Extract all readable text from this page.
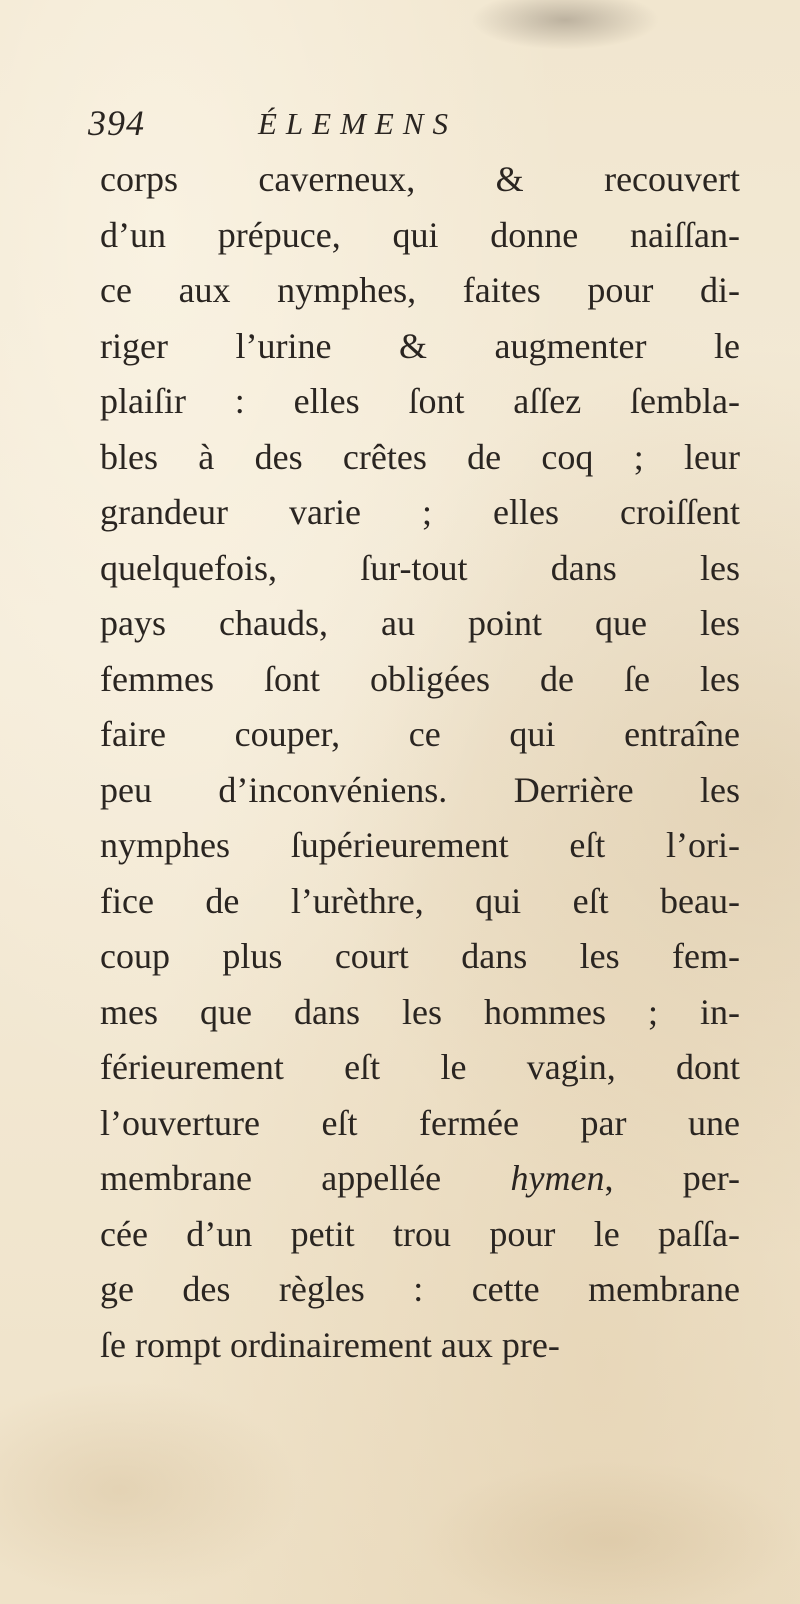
394	ÉLEMENS
corps caverneux, & recouvert
d’un prépuce, qui donne naiſſan-
ce aux nymphes, faites pour di-
riger l’urine & augmenter le
plaiſir : elles ſont aſſez ſembla-
bles à des crêtes de coq ; leur
grandeur varie ; elles croiſſent
quelquefois, ſur-tout dans les
pays chauds, au point que les
femmes ſont obligées de ſe les
faire couper, ce qui entraîne
peu d’inconvéniens. Derrière les
nymphes ſupérieurement eſt l’ori-
fice de l’urèthre, qui eſt beau-
coup plus court dans les fem-
mes que dans les hommes ; in-
férieurement eſt le vagin, dont
l’ouverture eſt fermée par une
membrane appellée hymen, per-
cée d’un petit trou pour le paſſa-
ge des règles : cette membrane
ſe rompt ordinairement aux pre-
